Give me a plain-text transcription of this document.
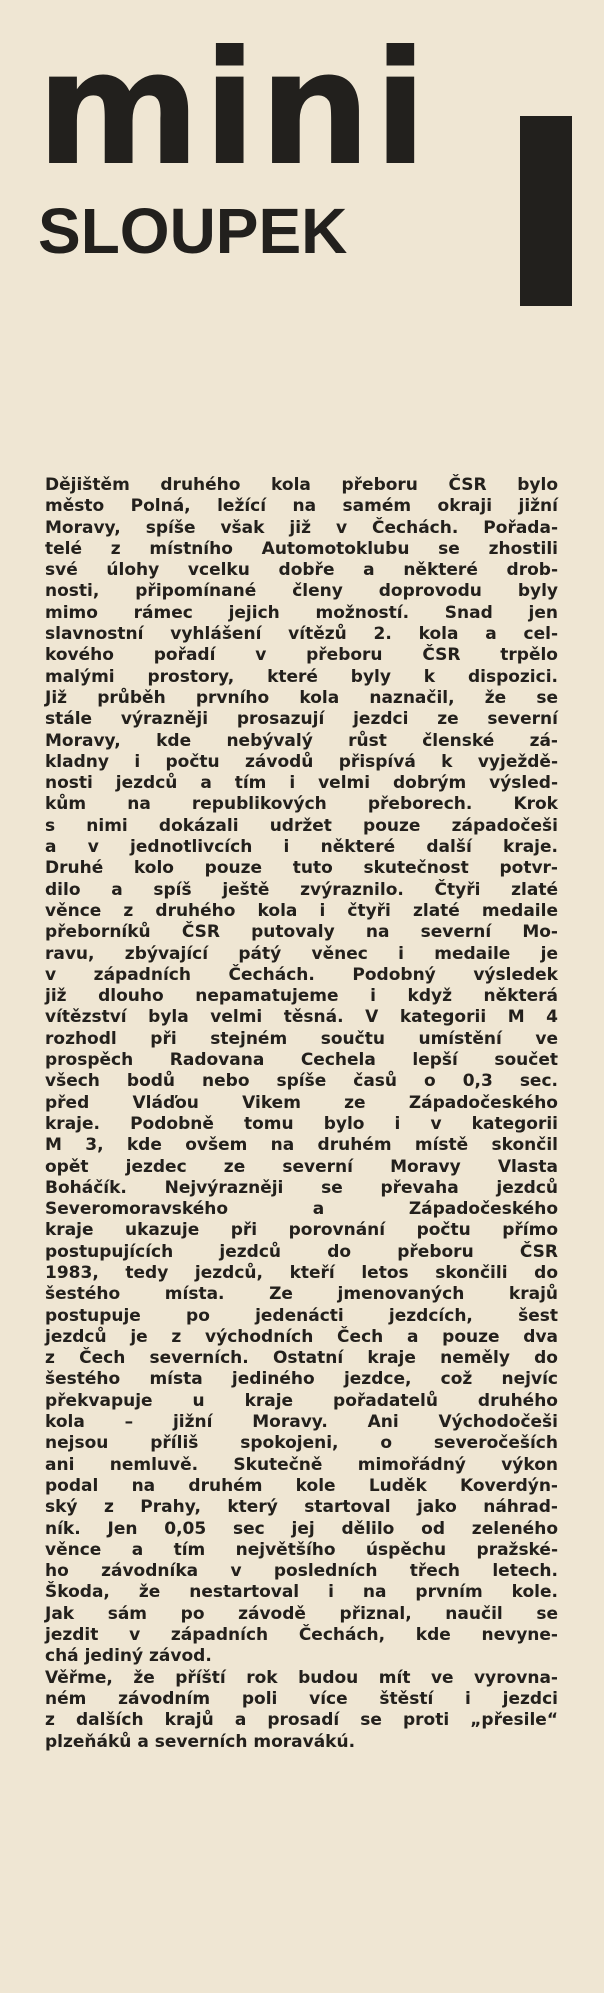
mini
SLOUPEK

Dějištěm druhého kola přeboru ČSR bylo

město Polná, ležící na samém okraji jižní

Moravy, spíše však již v Čechách. Pořada-

telé z místního Automotoklubu se zhostili

své úlohy vcelku dobře a některé drob-

nosti, připomínané členy doprovodu byly

mimo rámec jejich možností. Snad jen

slavnostní vyhlášení vítězů 2. kola a cel-

kového pořadí v přeboru ČSR trpělo

malými prostory, které byly k dispozici.

Již průběh prvního kola naznačil, že se

stále výrazněji prosazují jezdci ze severní

Moravy, kde nebývalý růst členské zá-

kladny i počtu závodů přispívá k vyježdě-

nosti jezdců a tím i velmi dobrým výsled-

kům na republikových přeborech. Krok

s nimi dokázali udržet pouze západočeši

a v jednotlivcích i některé další kraje.

Druhé kolo pouze tuto skutečnost potvr-

dilo a spíš ještě zvýraznilo. Čtyři zlaté

věnce z druhého kola i čtyři zlaté medaile

přeborníků ČSR putovaly na severní Mo-

ravu, zbývající pátý věnec i medaile je

v západních Čechách. Podobný výsledek

již dlouho nepamatujeme i když některá

vítězství byla velmi těsná. V kategorii M 4

rozhodl při stejném součtu umístění ve

prospěch Radovana Cechela lepší součet

všech bodů nebo spíše časů o 0,3 sec.

před Vláďou Vikem ze Západočeského

kraje. Podobně tomu bylo i v kategorii

M 3, kde ovšem na druhém místě skončil

opět jezdec ze severní Moravy Vlasta

Boháčík. Nejvýrazněji se převaha jezdců

Severomoravského a Západočeského

kraje ukazuje při porovnání počtu přímo

postupujících jezdců do přeboru ČSR

1983, tedy jezdců, kteří letos skončili do

šestého místa. Ze jmenovaných krajů

postupuje po jedenácti jezdcích, šest

jezdců je z východních Čech a pouze dva

z Čech severních. Ostatní kraje neměly do

šestého místa jediného jezdce, což nejvíc

překvapuje u kraje pořadatelů druhého

kola – jižní Moravy. Ani Východočeši

nejsou příliš spokojeni, o severočeších

ani nemluvě. Skutečně mimořádný výkon

podal na druhém kole Luděk Koverdýn-

ský z Prahy, který startoval jako náhrad-

ník. Jen 0,05 sec jej dělilo od zeleného

věnce a tím největšího úspěchu pražské-

ho závodníka v posledních třech letech.

Škoda, že nestartoval i na prvním kole.

Jak sám po závodě přiznal, naučil se

jezdit v západních Čechách, kde nevyne-

chá jediný závod.

Věřme, že příští rok budou mít ve vyrovna-

ném závodním poli více štěstí i jezdci

z dalších krajů a prosadí se proti „přesile“

plzeňáků a severních moravákú.
